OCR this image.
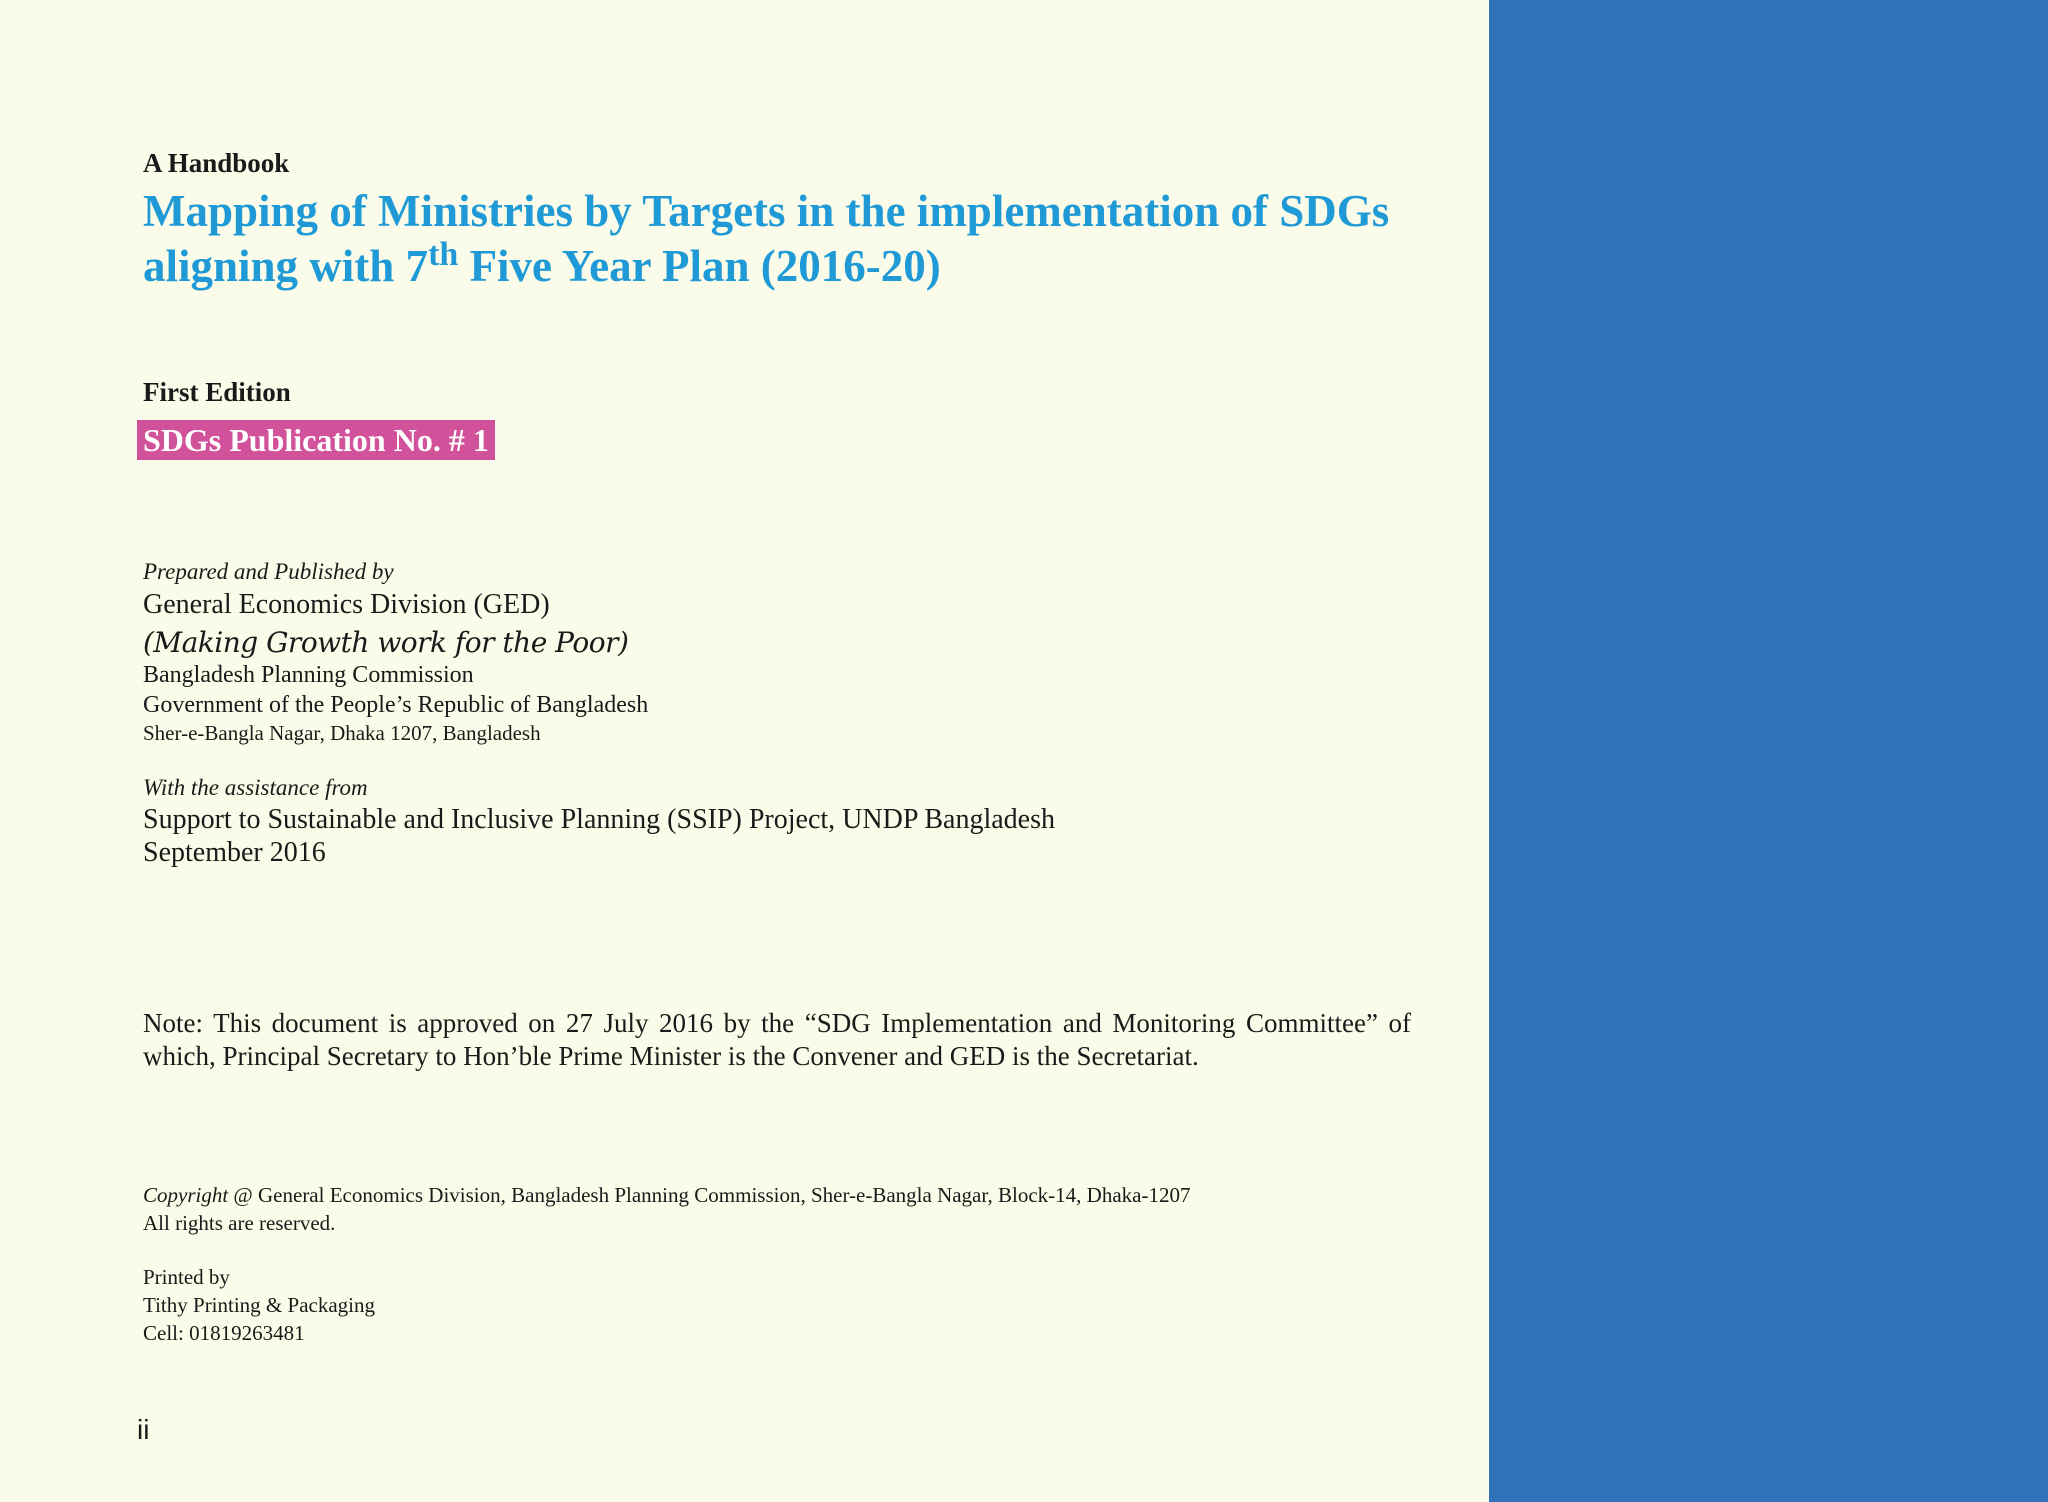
A Handbook
Mapping of Ministries by Targets in the implementation of SDGs
aligning with 7th Five Year Plan (2016-20)
First Edition
SDGs Publication No. # 1
Prepared and Published by
General Economics Division (GED)
(Making Growth work for the Poor)
Bangladesh Planning Commission
Government of the People’s Republic of Bangladesh
Sher-e-Bangla Nagar, Dhaka 1207, Bangladesh
With the assistance from
Support to Sustainable and Inclusive Planning (SSIP) Project, UNDP Bangladesh
September 2016
Note: This document is approved on 27 July 2016 by the “SDG Implementation and Monitoring Committee” of
which, Principal Secretary to Hon’ble Prime Minister is the Convener and GED is the Secretariat.
Copyright @ General Economics Division, Bangladesh Planning Commission, Sher-e-Bangla Nagar, Block-14, Dhaka-1207
All rights are reserved.
Printed by
Tithy Printing & Packaging
Cell: 01819263481
ii
